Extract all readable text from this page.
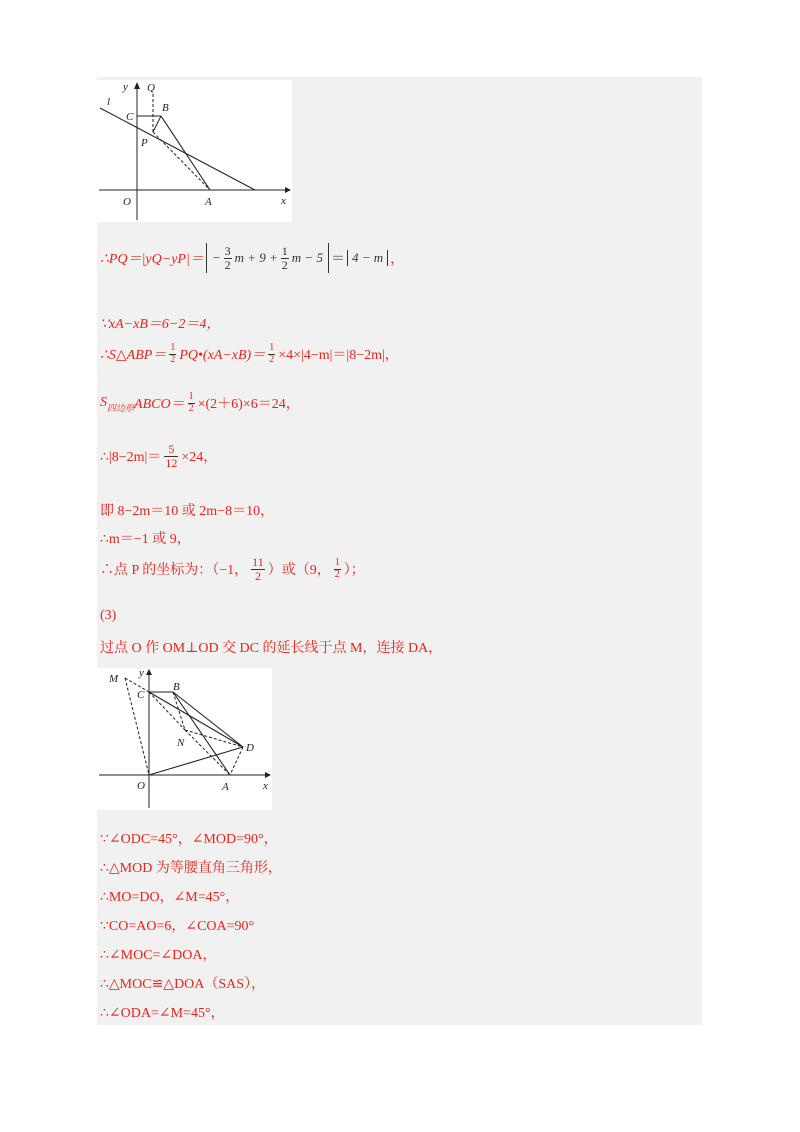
y Q
B
l
C
P
O	A	x
∴PQ＝|yQ−yP|＝ − $\frac{3}{2}$ $m + 9 + \frac{1}{2}$ m − 5 ＝ 4 − m ，
∵xA−xB＝6−2＝4，
∴S△ABP＝ $\frac{1}{2}$ PQ•(xA−xB)＝ $\frac{1}{2} \times 4\times|4-m|=|8-2m|$，
S 四边形 ABCO＝ $\frac{1}{2} \times(2+6)\times 6=24$，
∴|8−2m|＝ $\frac{5}{12} \times 24$，
即 8−2m＝10 或 2m−8＝10，
∴m＝−1 或 9，
∴点 P 的坐标为：（−1， $\frac{11}{2}$ ）或（9， $\frac{1}{2}$ ）；
(3)
过点 O 作 OM⊥OD 交 DC 的延长线于点 M，连接 DA，
y
M
C
B
N	D
O	A	x
∵∠ODC=45°，∠MOD=90°，
∴△MOD 为等腰直角三角形，
∴MO=DO，∠M=45°，
∵CO=AO=6，∠COA=90°
∴∠MOC=∠DOA，
∴△MOC≌△DOA（SAS），
∴∠ODA=∠M=45°，
